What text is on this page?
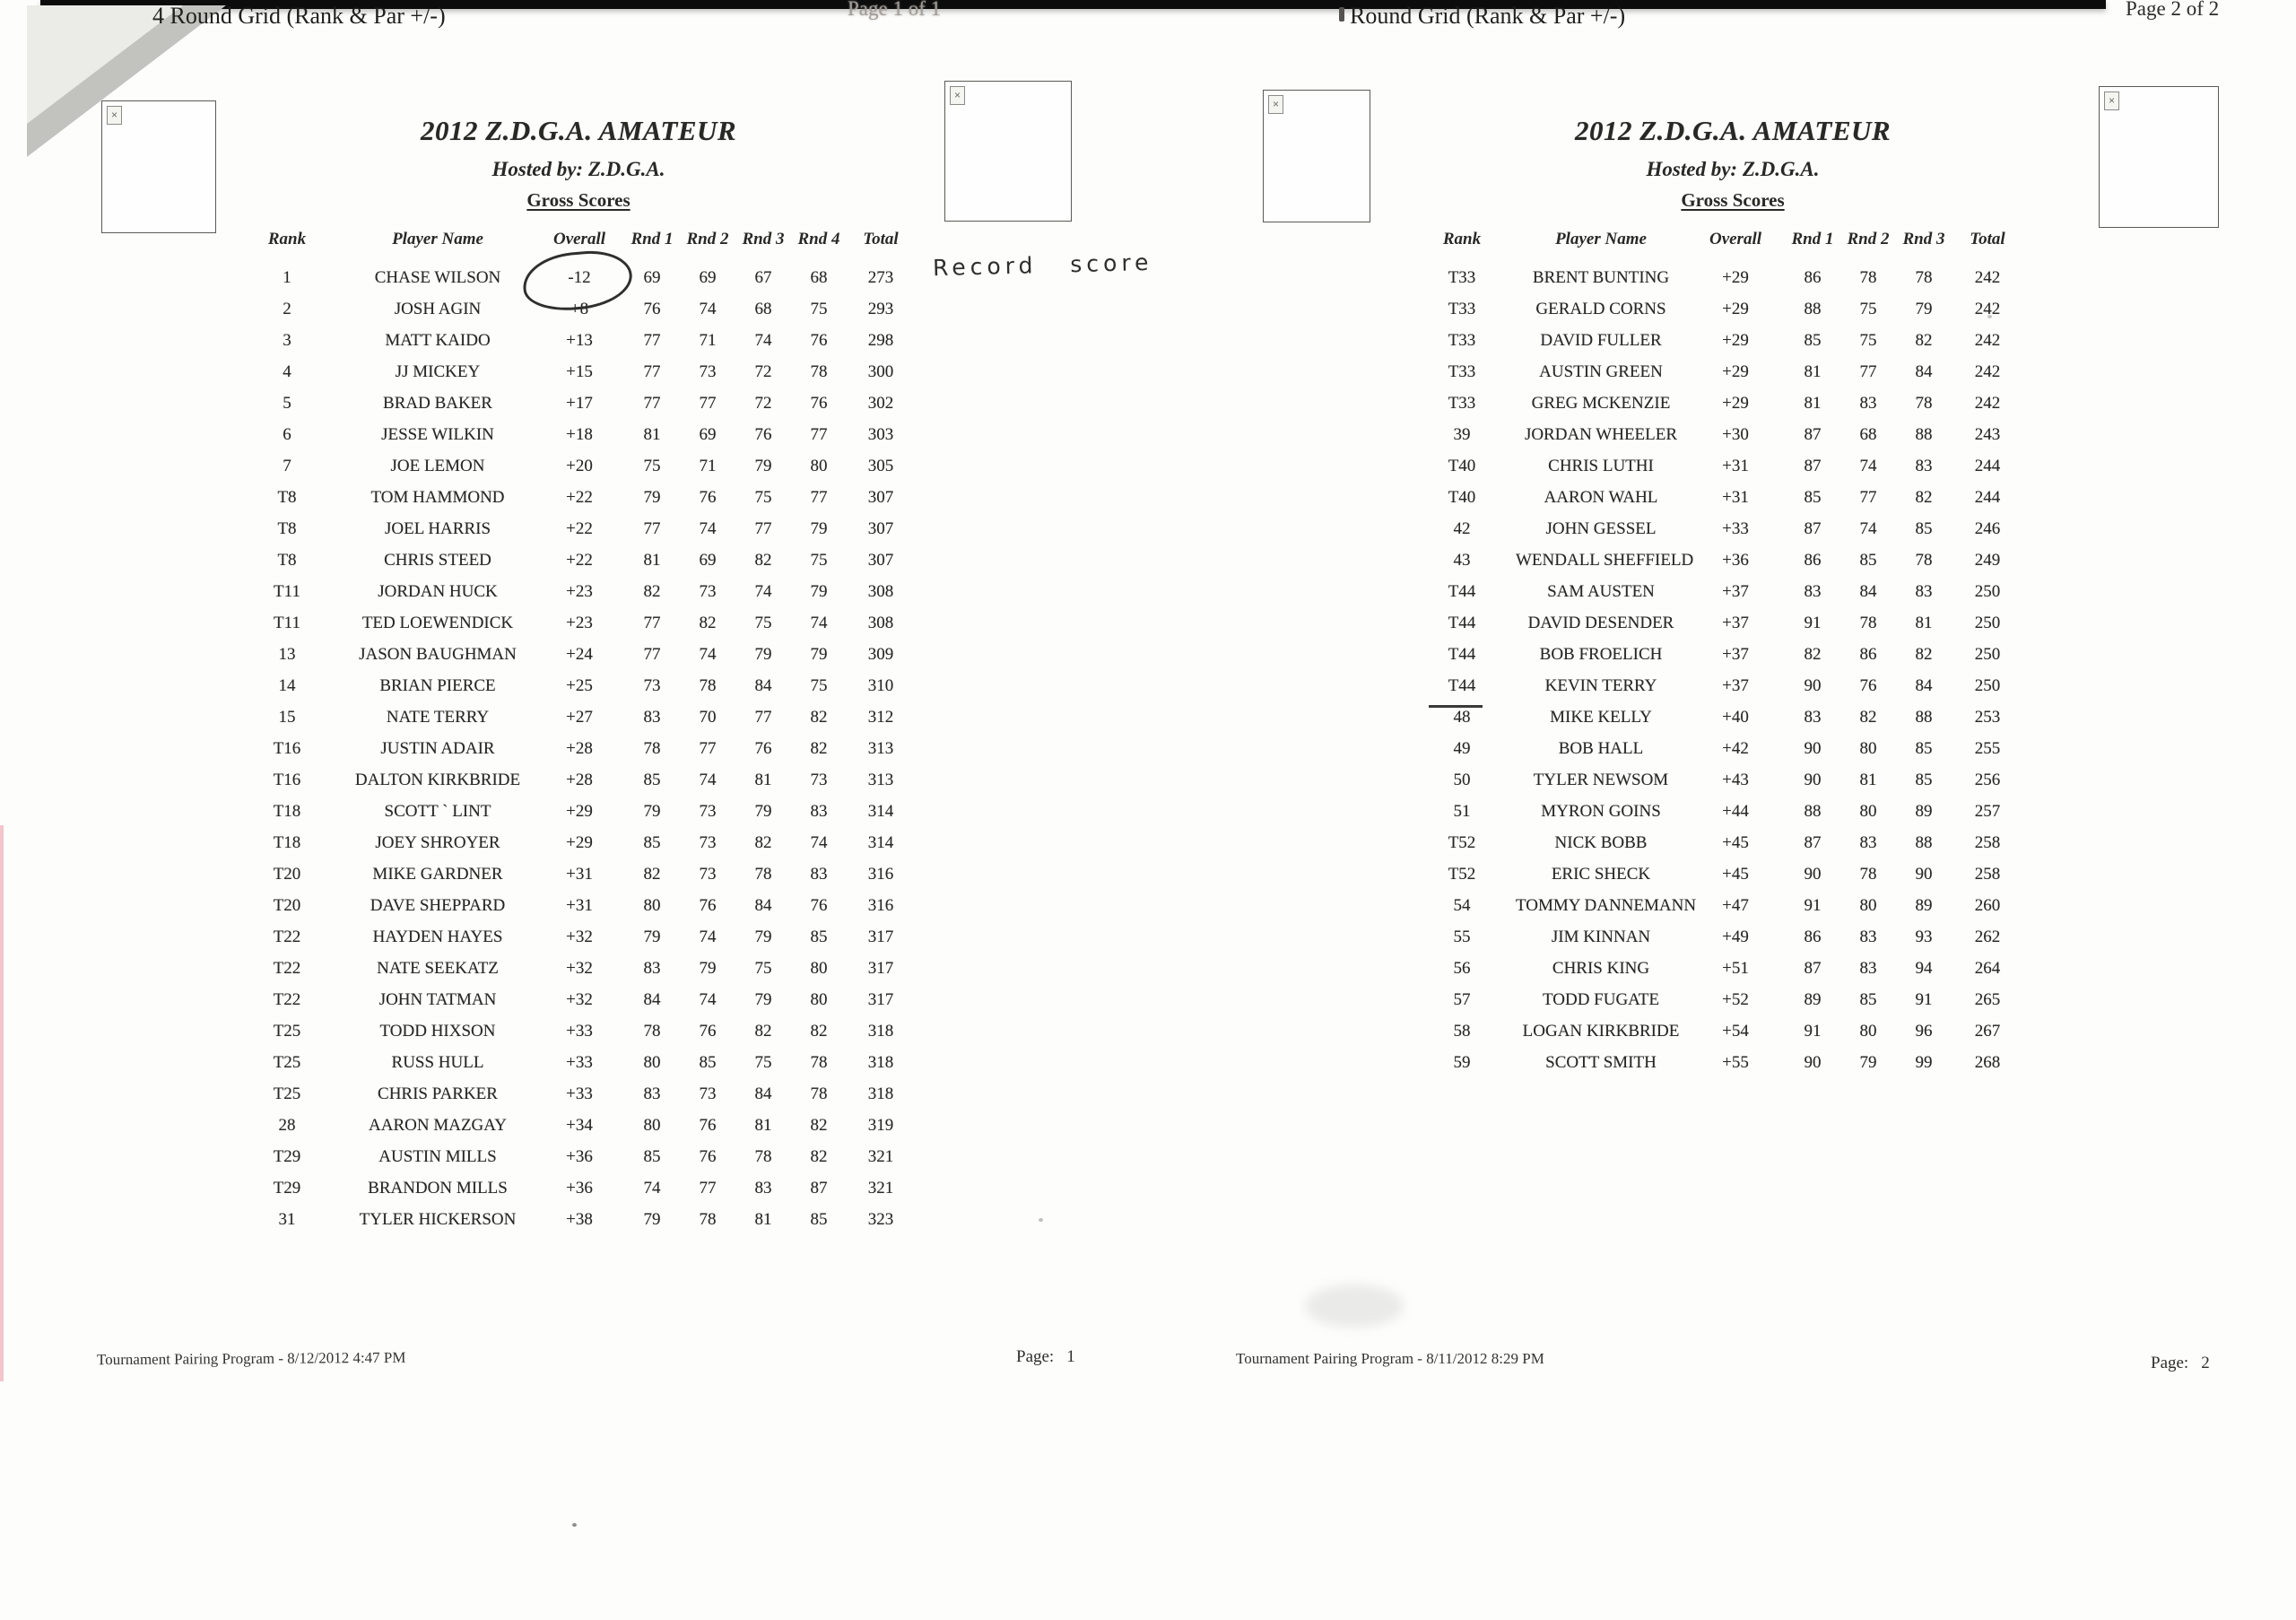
4 Round Grid (Rank & Par +/-)	Page 1 of 1
×
×
2012 Z.D.G.A. AMATEUR
Hosted by: Z.D.G.A.
Gross Scores
Rank	Player Name	Overall	Rnd 1 Rnd 2 Rnd 3 Rnd 4	Total
1	CHASE WILSON	-12	69	69	67	68	273
2	JOSH AGIN	+8	76	74	68	75	293
3	MATT KAIDO	+13	77	71	74	76	298
4	JJ MICKEY	+15	77	73	72	78	300
5	BRAD BAKER	+17	77	77	72	76	302
6	JESSE WILKIN	+18	81	69	76	77	303
7	JOE LEMON	+20	75	71	79	80	305
T8	TOM HAMMOND	+22	79	76	75	77	307
T8	JOEL HARRIS	+22	77	74	77	79	307
T8	CHRIS STEED	+22	81	69	82	75	307
T11	JORDAN HUCK	+23	82	73	74	79	308
T11	TED LOEWENDICK	+23	77	82	75	74	308
13	JASON BAUGHMAN	+24	77	74	79	79	309
14	BRIAN PIERCE	+25	73	78	84	75	310
15	NATE TERRY	+27	83	70	77	82	312
T16	JUSTIN ADAIR	+28	78	77	76	82	313
T16	DALTON KIRKBRIDE	+28	85	74	81	73	313
T18	SCOTT ` LINT	+29	79	73	79	83	314
T18	JOEY SHROYER	+29	85	73	82	74	314
T20	MIKE GARDNER	+31	82	73	78	83	316
T20	DAVE SHEPPARD	+31	80	76	84	76	316
T22	HAYDEN HAYES	+32	79	74	79	85	317
T22	NATE SEEKATZ	+32	83	79	75	80	317
T22	JOHN TATMAN	+32	84	74	79	80	317
T25	TODD HIXSON	+33	78	76	82	82	318
T25	RUSS HULL	+33	80	85	75	78	318
T25	CHRIS PARKER	+33	83	73	84	78	318
28	AARON MAZGAY	+34	80	76	81	82	319
T29	AUSTIN MILLS	+36	85	76	78	82	321
T29	BRANDON MILLS	+36	74	77	83	87	321
31	TYLER HICKERSON	+38	79	78	81	85	323
Record score
Tournament Pairing Program - 8/12/2012 4:47 PM	Page: 1
Round Grid (Rank & Par +/-)	Page 2 of 2
×	×
2012 Z.D.G.A. AMATEUR
Hosted by: Z.D.G.A.
Gross Scores
Rank	Player Name	Overall	Rnd 1 Rnd 2 Rnd 3	Total
T33	BRENT BUNTING	+29	86	78	78	242
T33	GERALD CORNS	+29	88	75	79	242
T33	DAVID FULLER	+29	85	75	82	242
T33	AUSTIN GREEN	+29	81	77	84	242
T33	GREG MCKENZIE	+29	81	83	78	242
39	JORDAN WHEELER	+30	87	68	88	243
T40	CHRIS LUTHI	+31	87	74	83	244
T40	AARON WAHL	+31	85	77	82	244
42	JOHN GESSEL	+33	87	74	85	246
43	WENDALL SHEFFIELD	+36	86	85	78	249
T44	SAM AUSTEN	+37	83	84	83	250
T44	DAVID DESENDER	+37	91	78	81	250
T44	BOB FROELICH	+37	82	86	82	250
T44	KEVIN TERRY	+37	90	76	84	250
48	MIKE KELLY	+40	83	82	88	253
49	BOB HALL	+42	90	80	85	255
50	TYLER NEWSOM	+43	90	81	85	256
51	MYRON GOINS	+44	88	80	89	257
T52	NICK BOBB	+45	87	83	88	258
T52	ERIC SHECK	+45	90	78	90	258
54	TOMMY DANNEMANN	+47	91	80	89	260
55	JIM KINNAN	+49	86	83	93	262
56	CHRIS KING	+51	87	83	94	264
57	TODD FUGATE	+52	89	85	91	265
58	LOGAN KIRKBRIDE	+54	91	80	96	267
59	SCOTT SMITH	+55	90	79	99	268
Tournament Pairing Program - 8/11/2012 8:29 PM	Page: 2
